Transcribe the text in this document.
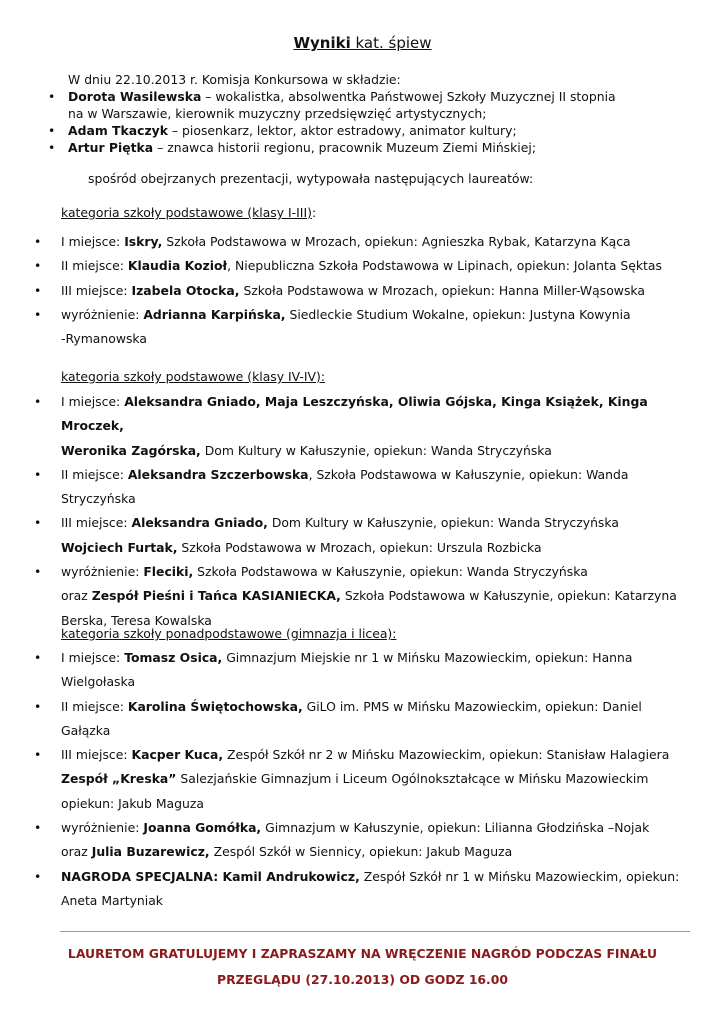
Wyniki kat. śpiew
W dniu 22.10.2013 r. Komisja Konkursowa w składzie:
•	Dorota Wasilewska – wokalistka, absolwentka Państwowej Szkoły Muzycznej II stopnia
na w Warszawie, kierownik muzyczny przedsięwzięć artystycznych;
•	Adam Tkaczyk – piosenkarz, lektor, aktor estradowy, animator kultury;
•	Artur Piętka – znawca historii regionu, pracownik Muzeum Ziemi Mińskiej;
spośród obejrzanych prezentacji, wytypowała następujących laureatów:
kategoria szkoły podstawowe (klasy I-III):
•	I miejsce: Iskry, Szkoła Podstawowa w Mrozach, opiekun: Agnieszka Rybak, Katarzyna Kąca
•	II miejsce: Klaudia Kozioł, Niepubliczna Szkoła Podstawowa w Lipinach, opiekun: Jolanta Sęktas
•	III miejsce: Izabela Otocka, Szkoła Podstawowa w Mrozach, opiekun: Hanna Miller-Wąsowska
•	wyróżnienie: Adrianna Karpińska, Siedleckie Studium Wokalne, opiekun: Justyna Kowynia
-Rymanowska
kategoria szkoły podstawowe (klasy IV-IV):
•	I miejsce: Aleksandra Gniado, Maja Leszczyńska, Oliwia Gójska, Kinga Książek, Kinga Mroczek,
Weronika Zagórska, Dom Kultury w Kałuszynie, opiekun: Wanda Stryczyńska
•	II miejsce: Aleksandra Szczerbowska, Szkoła Podstawowa w Kałuszynie, opiekun: Wanda
Stryczyńska
•	III miejsce: Aleksandra Gniado, Dom Kultury w Kałuszynie, opiekun: Wanda Stryczyńska
Wojciech Furtak, Szkoła Podstawowa w Mrozach, opiekun: Urszula Rozbicka
•	wyróżnienie: Fleciki, Szkoła Podstawowa w Kałuszynie, opiekun: Wanda Stryczyńska
oraz Zespół Pieśni i Tańca KASIANIECKA, Szkoła Podstawowa w Kałuszynie, opiekun: Katarzyna
Berska, Teresa Kowalska
kategoria szkoły ponadpodstawowe (gimnazja i licea):
•	I miejsce: Tomasz Osica, Gimnazjum Miejskie nr 1 w Mińsku Mazowieckim, opiekun: Hanna
Wielgołaska
•	II miejsce: Karolina Świętochowska, GiLO im. PMS w Mińsku Mazowieckim, opiekun: Daniel
Gałązka
•	III miejsce: Kacper Kuca, Zespół Szkół nr 2 w Mińsku Mazowieckim, opiekun: Stanisław Halagiera
Zespół „Kreska” Salezjańskie Gimnazjum i Liceum Ogólnokształcące w Mińsku Mazowieckim
opiekun: Jakub Maguza
•	wyróżnienie: Joanna Gomółka, Gimnazjum w Kałuszynie, opiekun: Lilianna Głodzińska –Nojak
oraz Julia Buzarewicz, Zespól Szkół w Siennicy, opiekun: Jakub Maguza
•	NAGRODA SPECJALNA: Kamil Andrukowicz, Zespół Szkół nr 1 w Mińsku Mazowieckim, opiekun:
Aneta Martyniak
LAURETOM GRATULUJEMY I ZAPRASZAMY NA WRĘCZENIE NAGRÓD PODCZAS FINAŁU
PRZEGLĄDU (27.10.2013) OD GODZ 16.00
